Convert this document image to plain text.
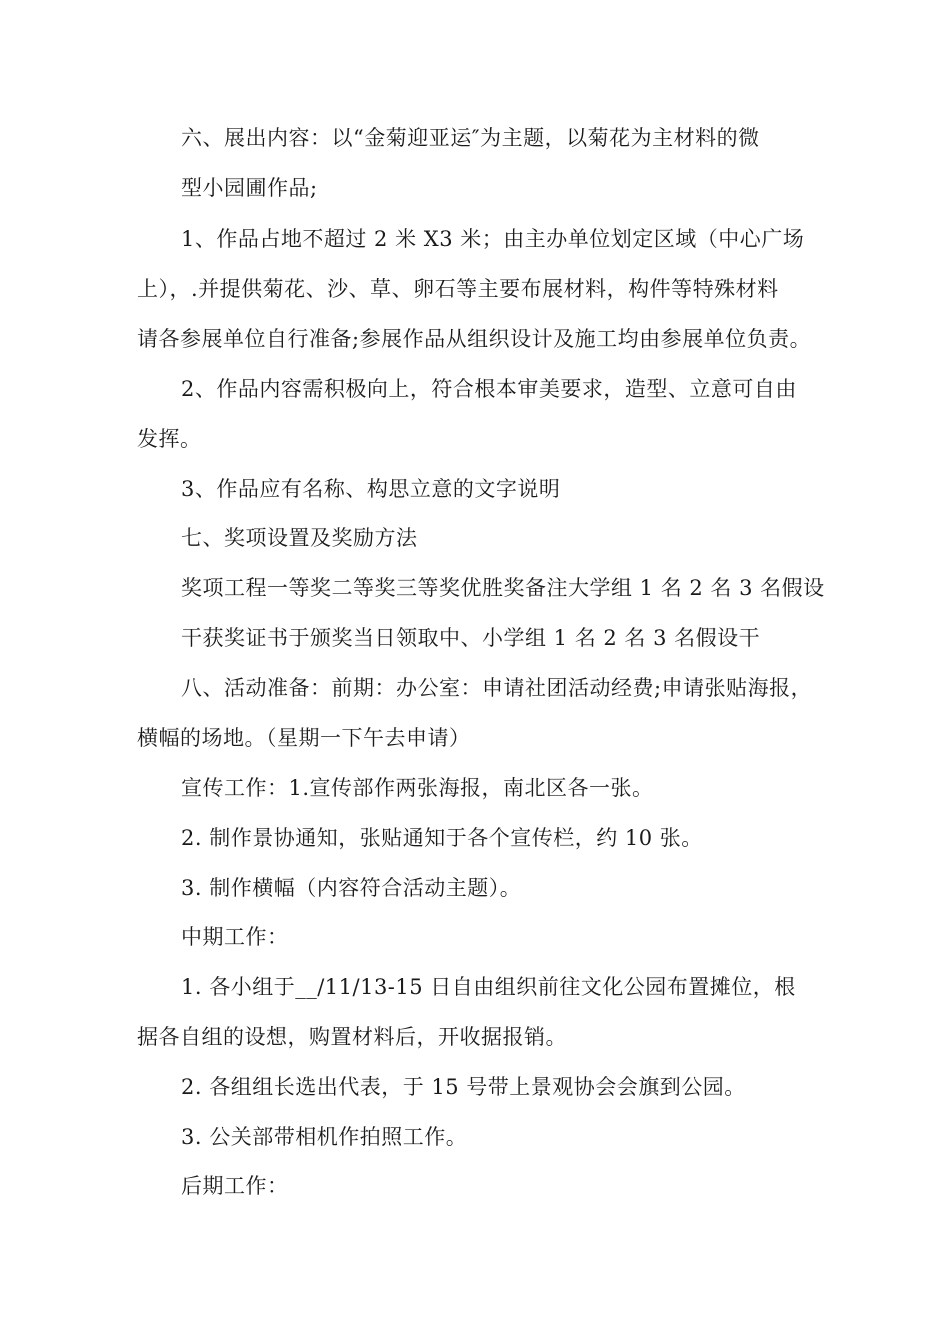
六、展出内容：以“金菊迎亚运″为主题，以菊花为主材料的微
型小园圃作品;
1、作品占地不超过 2 米 X3 米；由主办单位划定区域（中心广场
上），.并提供菊花、沙、草、卵石等主要布展材料，构件等特殊材料
请各参展单位自行准备;参展作品从组织设计及施工均由参展单位负责。
2、作品内容需积极向上，符合根本审美要求，造型、立意可自由
发挥。
3、作品应有名称、构思立意的文字说明
七、奖项设置及奖励方法
奖项工程一等奖二等奖三等奖优胜奖备注大学组 1 名 2 名 3 名假设
干获奖证书于颁奖当日领取中、小学组 1 名 2 名 3 名假设干
八、活动准备：前期：办公室：申请社团活动经费;申请张贴海报，
横幅的场地。（星期一下午去申请）
宣传工作：1.宣传部作两张海报，南北区各一张。
2. 制作景协通知，张贴通知于各个宣传栏，约 10 张。
3. 制作横幅（内容符合活动主题）。
中期工作：
1. 各小组于__/11/13-15 日自由组织前往文化公园布置摊位，根
据各自组的设想，购置材料后，开收据报销。
2. 各组组长选出代表，于 15 号带上景观协会会旗到公园。
3. 公关部带相机作拍照工作。
后期工作：
